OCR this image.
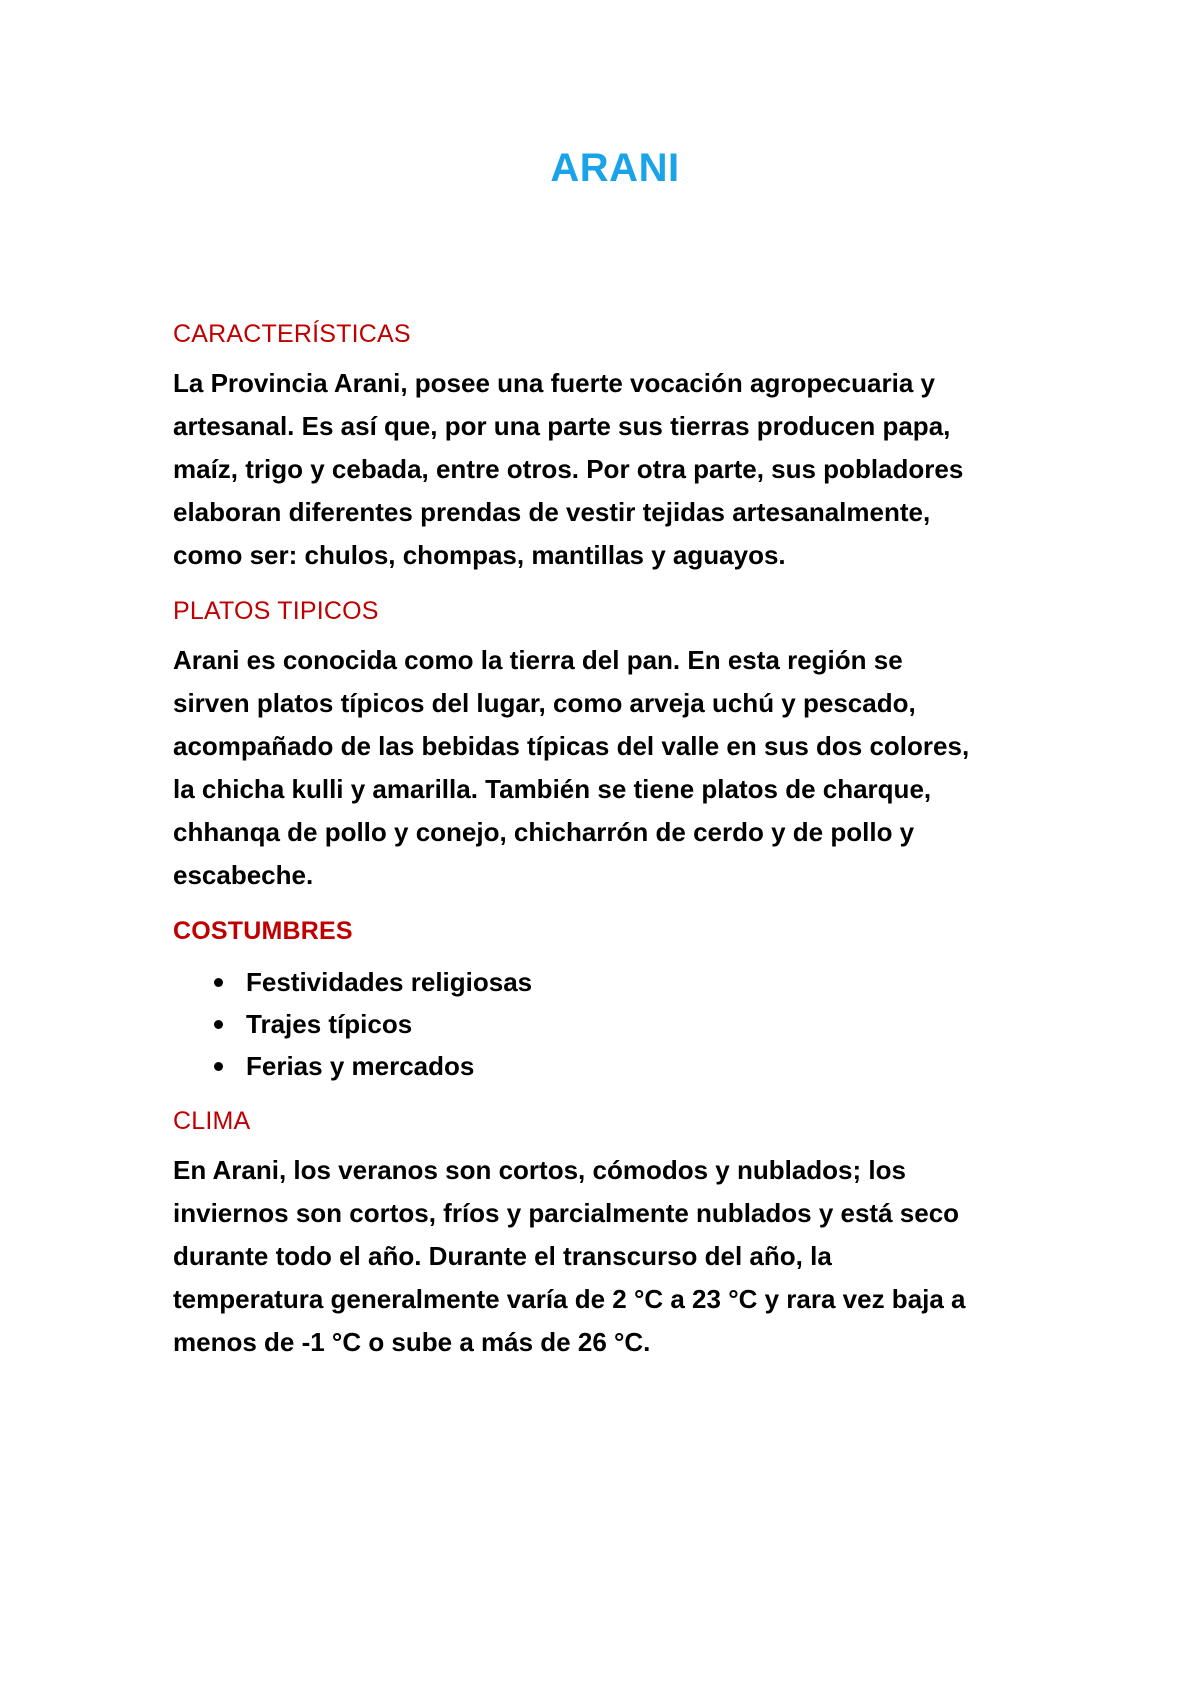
ARANI
CARACTERÍSTICAS

La Provincia Arani, posee una fuerte vocación agropecuaria y
artesanal. Es así que, por una parte sus tierras producen papa,
maíz, trigo y cebada, entre otros. Por otra parte, sus pobladores
elaboran diferentes prendas de vestir tejidas artesanalmente,
como ser: chulos, chompas, mantillas y aguayos.

PLATOS TIPICOS

Arani es conocida como la tierra del pan. En esta región se
sirven platos típicos del lugar, como arveja uchú y pescado,
acompañado de las bebidas típicas del valle en sus dos colores,
la chicha kulli y amarilla. También se tiene platos de charque,
chhanqa de pollo y conejo, chicharrón de cerdo y de pollo y
escabeche.

COSTUMBRES
Festividades religiosas
Trajes típicos
Ferias y mercados
CLIMA

En Arani, los veranos son cortos, cómodos y nublados; los
inviernos son cortos, fríos y parcialmente nublados y está seco
durante todo el año. Durante el transcurso del año, la
temperatura generalmente varía de 2 °C a 23 °C y rara vez baja a
menos de -1 °C o sube a más de 26 °C.
